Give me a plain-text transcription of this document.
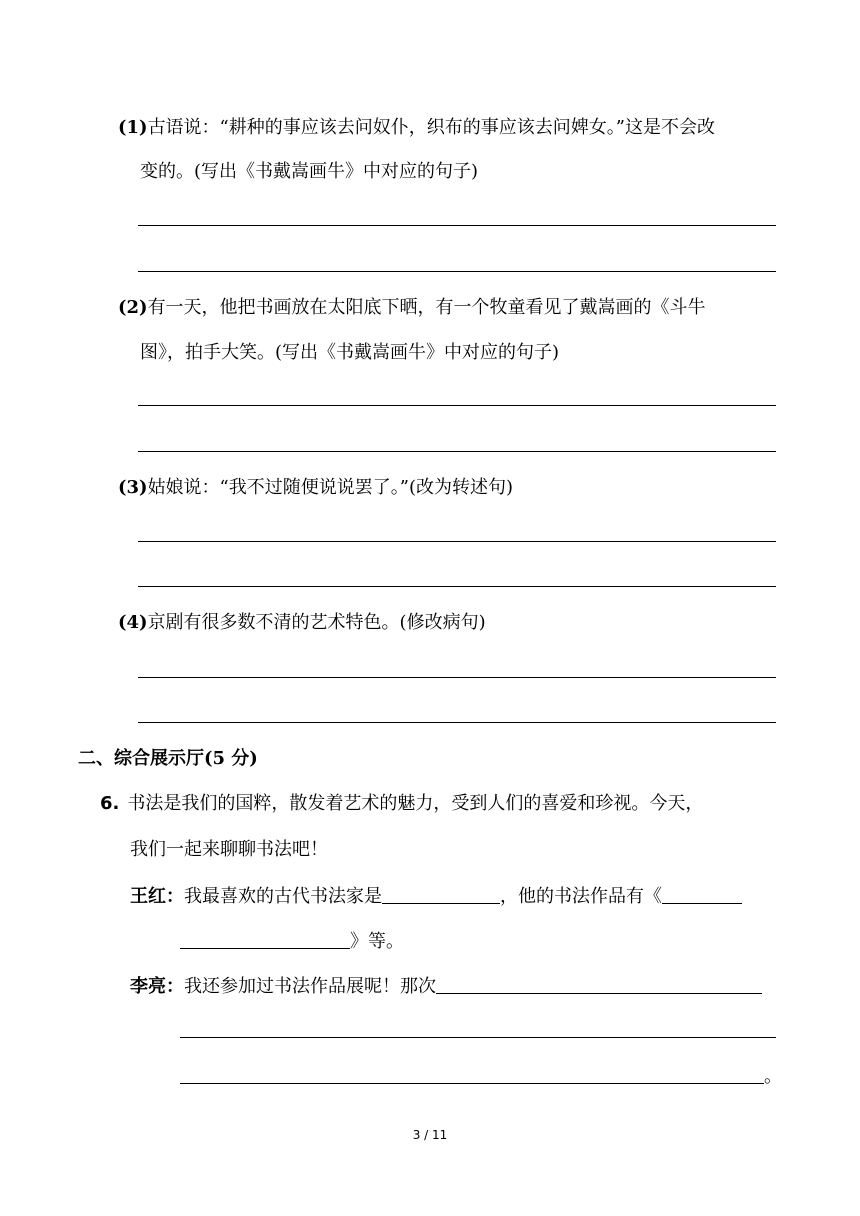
(1)古语说：“耕种的事应该去问奴仆，织布的事应该去问婢女。”这是不会改
变的。(写出《书戴嵩画牛》中对应的句子)
(2)有一天，他把书画放在太阳底下晒，有一个牧童看见了戴嵩画的《斗牛
图》，拍手大笑。(写出《书戴嵩画牛》中对应的句子)
(3)姑娘说：“我不过随便说说罢了。”(改为转述句)
(4)京剧有很多数不清的艺术特色。(修改病句)
二、综合展示厅(5 分)
6. 书法是我们的国粹，散发着艺术的魅力，受到人们的喜爱和珍视。今天，
我们一起来聊聊书法吧！
王红：我最喜欢的古代书法家是	，他的书法作品有《
》等。
李亮：我还参加过书法作品展呢！那次
。
3 / 11
